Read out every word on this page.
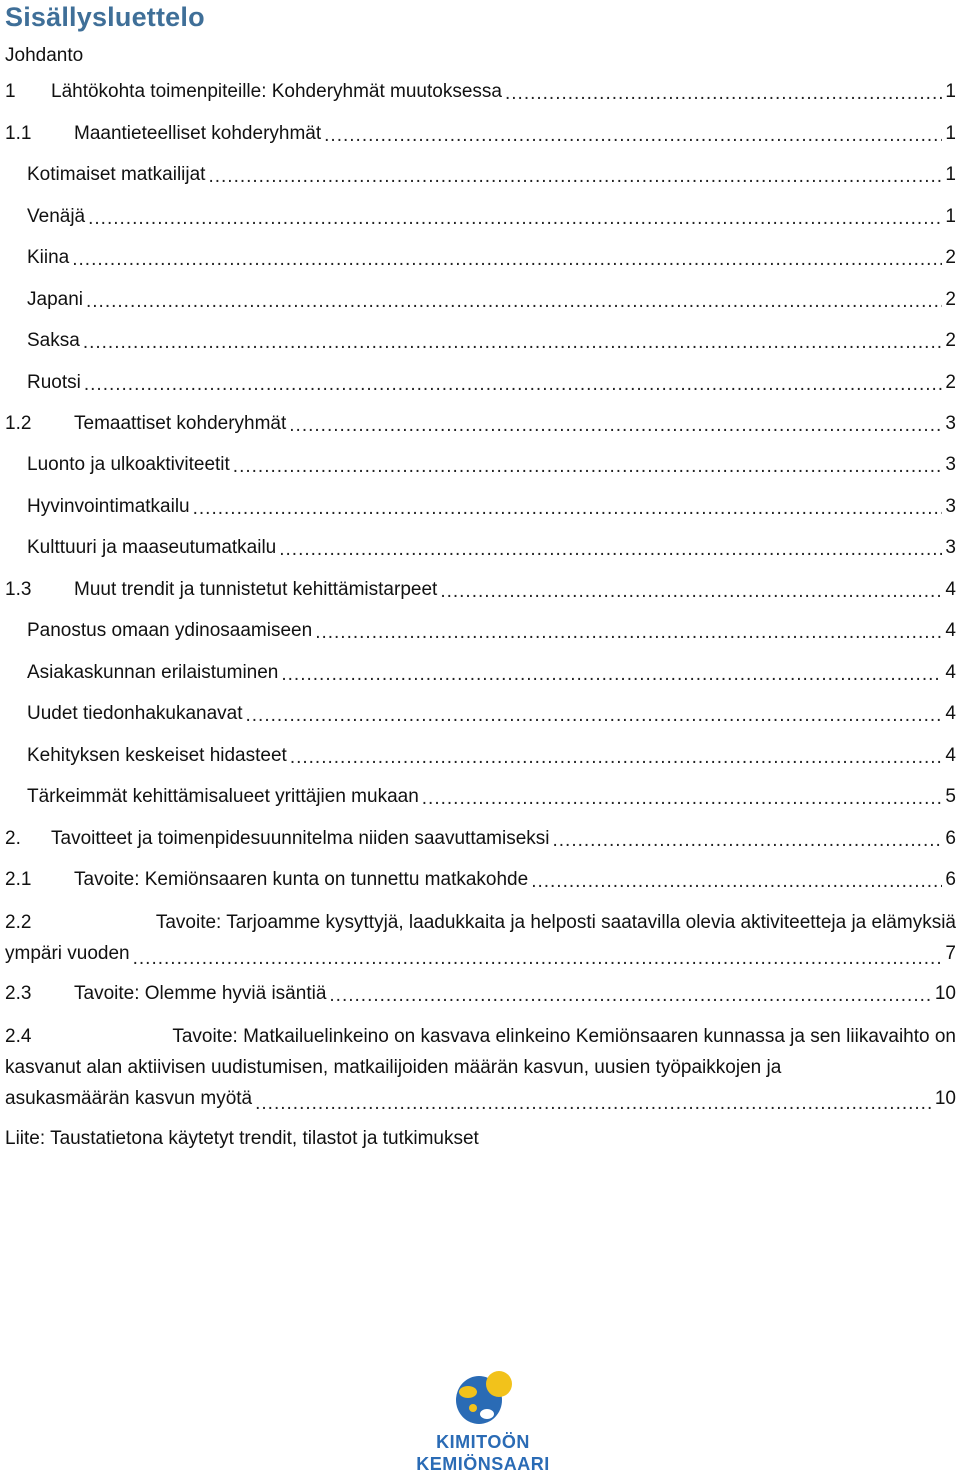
Sisällysluettelo
Johdanto
1	Lähtökohta toimenpiteille: Kohderyhmät muutoksessa .....	1
1.1	Maantieteelliset kohderyhmät .....	1
Kotimaiset matkailijat .....	1
Venäjä .....	1
Kiina .....	2
Japani .....	2
Saksa .....	2
Ruotsi .....	2
1.2	Temaattiset kohderyhmät .....	3
Luonto ja ulkoaktiviteetit .....	3
Hyvinvointimatkailu .....	3
Kulttuuri ja maaseutumatkailu .....	3
1.3	Muut trendit ja tunnistetut kehittämistarpeet .....	4
Panostus omaan ydinosaamiseen .....	4
Asiakaskunnan erilaistuminen .....	4
Uudet tiedonhakukanavat .....	4
Kehityksen keskeiset hidasteet .....	4
Tärkeimmät kehittämisalueet yrittäjien mukaan .....	5
2.	Tavoitteet ja toimenpidesuunnitelma niiden saavuttamiseksi .....	6
2.1	Tavoite: Kemiönsaaren kunta on tunnettu matkakohde .....	6
2.2	Tavoite: Tarjoamme kysyttyjä, laadukkaita ja helposti saatavilla olevia aktiviteetteja ja elämyksiä
ympäri vuoden .....	7
2.3	Tavoite: Olemme hyviä isäntiä .....	10
2.4	Tavoite: Matkailuelinkeino on kasvava elinkeino Kemiönsaaren kunnassa ja sen liikavaihto on
kasvanut alan aktiivisen uudistumisen, matkailijoiden määrän kasvun, uusien työpaikkojen ja
asukasmäärän kasvun myötä .....	10
Liite: Taustatietona käytetyt trendit, tilastot ja tutkimukset
KIMITOÖN
KEMIÖNSAARI
